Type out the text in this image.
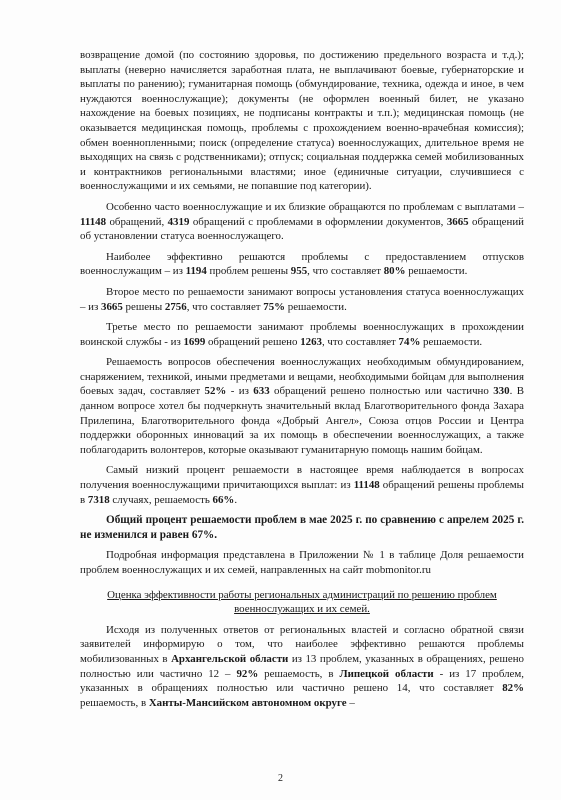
возвращение домой (по состоянию здоровья, по достижению предельного возраста и т.д.); выплаты (неверно начисляется заработная плата, не выплачивают боевые, губернаторские и выплаты по ранению); гуманитарная помощь (обмундирование, техника, одежда и иное, в чем нуждаются военнослужащие); документы (не оформлен военный билет, не указано нахождение на боевых позициях, не подписаны контракты и т.п.); медицинская помощь (не оказывается медицинская помощь, проблемы с прохождением военно-врачебная комиссия); обмен военнопленными; поиск (определение статуса) военнослужащих, длительное время не выходящих на связь с родственниками); отпуск; социальная поддержка семей мобилизованных и контрактников региональными властями; иное (единичные ситуации, случившиеся с военнослужащими и их семьями, не попавшие под категории).

Особенно часто военнослужащие и их близкие обращаются по проблемам с выплатами – 11148 обращений, 4319 обращений с проблемами в оформлении документов, 3665 обращений об установлении статуса военнослужащего.

Наиболее эффективно решаются проблемы с предоставлением отпусков военнослужащим – из 1194 проблем решены 955, что составляет 80% решаемости.

Второе место по решаемости занимают вопросы установления статуса военнослужащих – из 3665 решены 2756, что составляет 75% решаемости.

Третье место по решаемости занимают проблемы военнослужащих в прохождении воинской службы - из 1699 обращений решено 1263, что составляет 74% решаемости.

Решаемость вопросов обеспечения военнослужащих необходимым обмундированием, снаряжением, техникой, иными предметами и вещами, необходимыми бойцам для выполнения боевых задач, составляет 52% - из 633 обращений решено полностью или частично 330. В данном вопросе хотел бы подчеркнуть значительный вклад Благотворительного фонда Захара Прилепина, Благотворительного фонда «Добрый Ангел», Союза отцов России и Центра поддержки оборонных инноваций за их помощь в обеспечении военнослужащих, а также поблагодарить волонтеров, которые оказывают гуманитарную помощь нашим бойцам.

Самый низкий процент решаемости в настоящее время наблюдается в вопросах получения военнослужащими причитающихся выплат: из 11148 обращений решены проблемы в 7318 случаях, решаемость 66%.

Общий процент решаемости проблем в мае 2025 г. по сравнению с апрелем 2025 г. не изменился и равен 67%.

Подробная информация представлена в Приложении № 1 в таблице Доля решаемости проблем военнослужащих и их семей, направленных на сайт mobmonitor.ru

Оценка эффективности работы региональных администраций по решению проблем военнослужащих и их семей.

Исходя из полученных ответов от региональных властей и согласно обратной связи заявителей информирую о том, что наиболее эффективно решаются проблемы мобилизованных в Архангельской области из 13 проблем, указанных в обращениях, решено полностью или частично 12 – 92% решаемость, в Липецкой области - из 17 проблем, указанных в обращениях полностью или частично решено 14, что составляет 82% решаемость, в Ханты-Мансийском автономном округе –

2
